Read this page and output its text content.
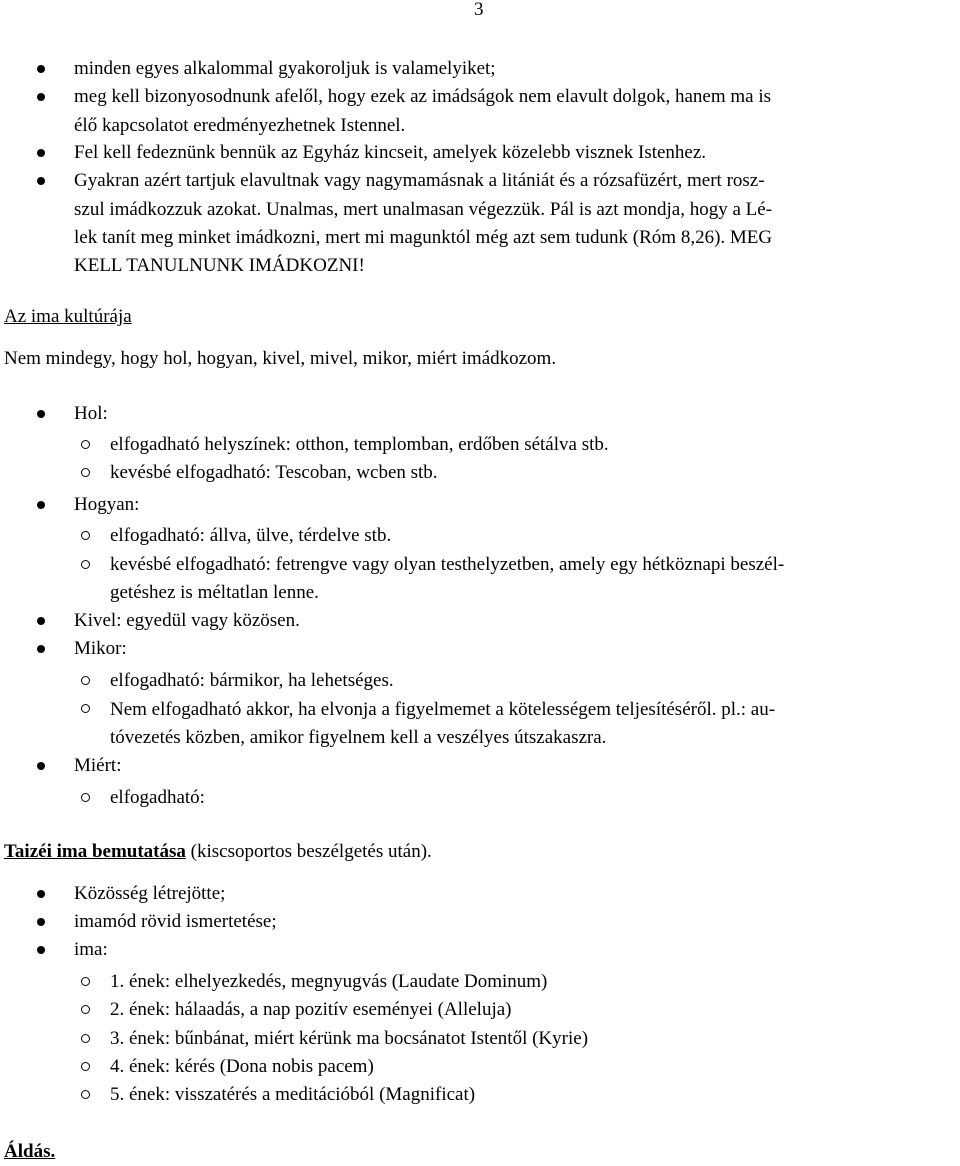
3
minden egyes alkalommal gyakoroljuk is valamelyiket;
meg kell bizonyosodnunk afelől, hogy ezek az imádságok nem elavult dolgok, hanem ma is
élő kapcsolatot eredményezhetnek Istennel.
Fel kell fedeznünk bennük az Egyház kincseit, amelyek közelebb visznek Istenhez.
Gyakran azért tartjuk elavultnak vagy nagymamásnak a litániát és a rózsafüzért, mert rosz-
szul imádkozzuk azokat. Unalmas, mert unalmasan végezzük. Pál is azt mondja, hogy a Lé-
lek tanít meg minket imádkozni, mert mi magunktól még azt sem tudunk (Róm 8,26). MEG
KELL TANULNUNK IMÁDKOZNI!
Az ima kultúrája
Nem mindegy, hogy hol, hogyan, kivel, mivel, mikor, miért imádkozom.
Hol:
elfogadható helyszínek: otthon, templomban, erdőben sétálva stb.
kevésbé elfogadható: Tescoban, wcben stb.
Hogyan:
elfogadható: állva, ülve, térdelve stb.
kevésbé elfogadható: fetrengve vagy olyan testhelyzetben, amely egy hétköznapi beszél-
getéshez is méltatlan lenne.
Kivel: egyedül vagy közösen.
Mikor:
elfogadható: bármikor, ha lehetséges.
Nem elfogadható akkor, ha elvonja a figyelmemet a kötelességem teljesítéséről. pl.: au-
tóvezetés közben, amikor figyelnem kell a veszélyes útszakaszra.
Miért:
elfogadható:
Taizéi ima bemutatása (kiscsoportos beszélgetés után).
Közösség létrejötte;
imamód rövid ismertetése;
ima:
1. ének: elhelyezkedés, megnyugvás (Laudate Dominum)
2. ének: hálaadás, a nap pozitív eseményei (Alleluja)
3. ének: bűnbánat, miért kérünk ma bocsánatot Istentől (Kyrie)
4. ének: kérés (Dona nobis pacem)
5. ének: visszatérés a meditációból (Magnificat)
Áldás.
